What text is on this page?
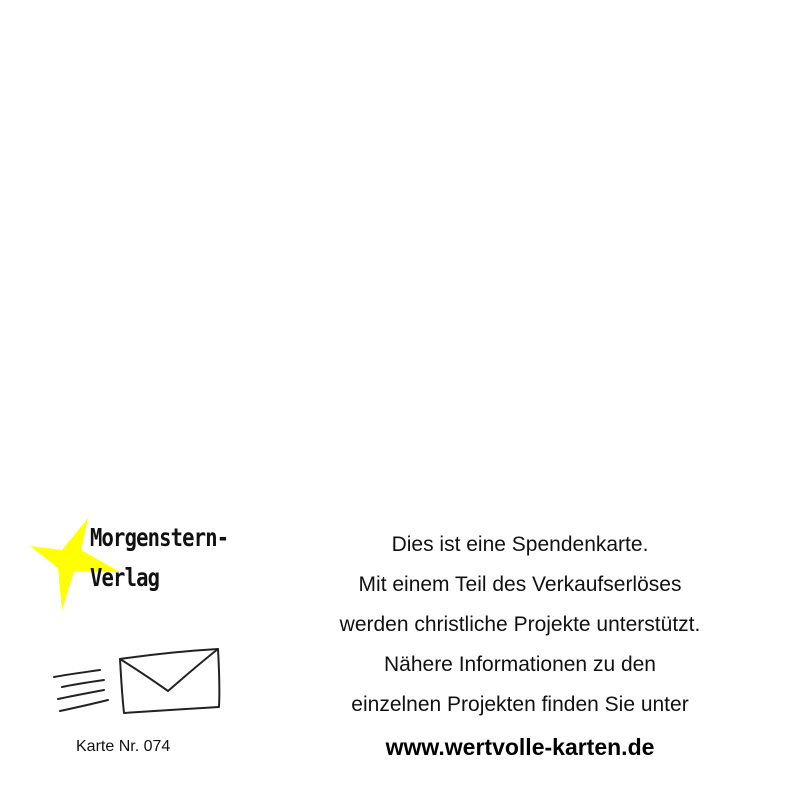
Morgenstern-
Verlag
Karte Nr. 074
Dies ist eine Spendenkarte.
Mit einem Teil des Verkaufserlöses
werden christliche Projekte unterstützt.
Nähere Informationen zu den
einzelnen Projekten finden Sie unter
www.wertvolle-karten.de
